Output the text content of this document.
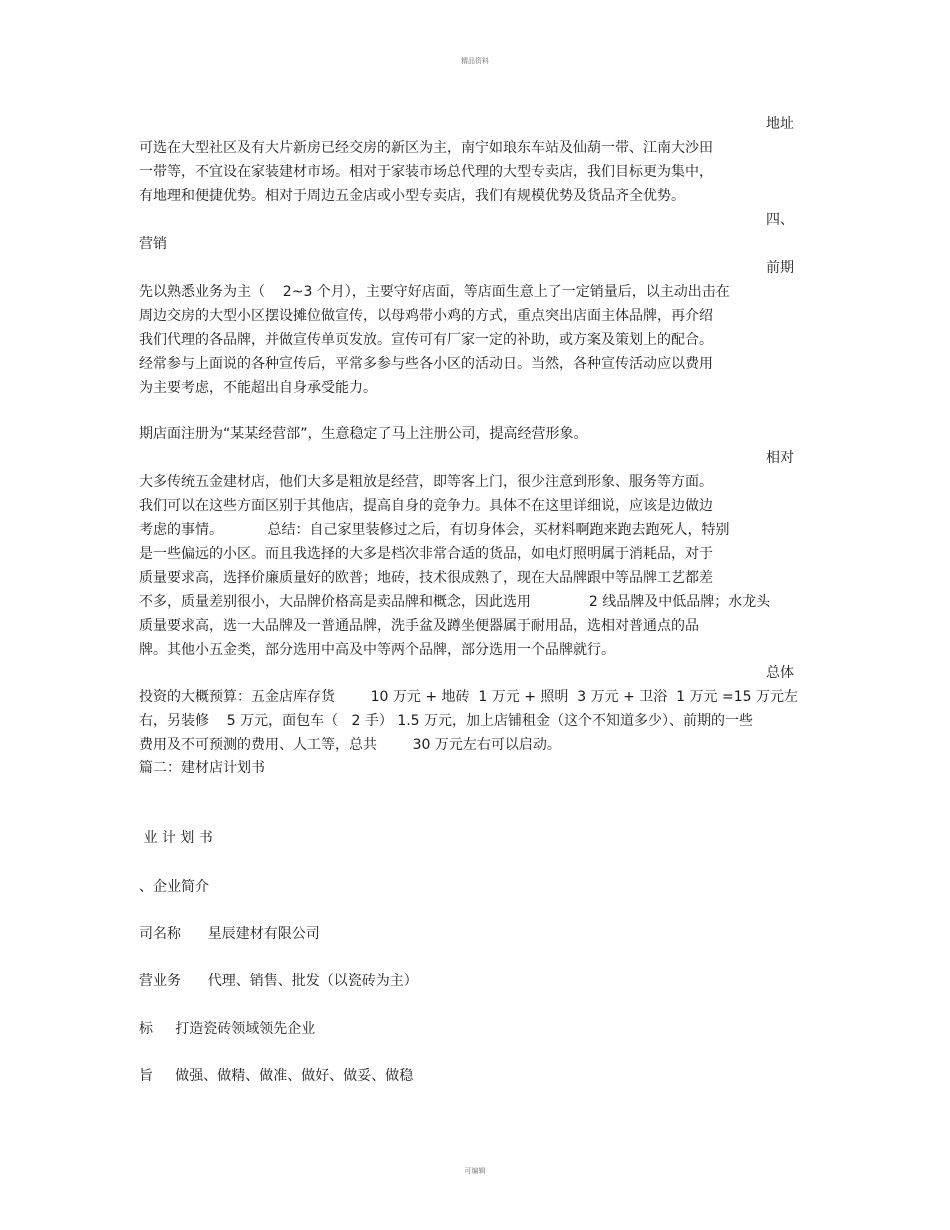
精品资料
地址
可选在大型社区及有大片新房已经交房的新区为主，南宁如琅东车站及仙葫一带、江南大沙田
一带等，不宜设在家装建材市场。相对于家装市场总代理的大型专卖店，我们目标更为集中，
有地理和便捷优势。相对于周边五金店或小型专卖店，我们有规模优势及货品齐全优势。
四、
营销
前期
先以熟悉业务为主（    2~3 个月），主要守好店面，等店面生意上了一定销量后，以主动出击在
周边交房的大型小区摆设摊位做宣传，以母鸡带小鸡的方式，重点突出店面主体品牌，再介绍
我们代理的各品牌，并做宣传单页发放。宣传可有厂家一定的补助，或方案及策划上的配合。
经常参与上面说的各种宣传后，平常多参与些各小区的活动日。当然，各种宣传活动应以费用
为主要考虑，不能超出自身承受能力。
期店面注册为“某某经营部”，生意稳定了马上注册公司，提高经营形象。
相对
大多传统五金建材店，他们大多是粗放是经营，即等客上门，很少注意到形象、服务等方面。
我们可以在这些方面区别于其他店，提高自身的竞争力。具体不在这里详细说，应该是边做边
考虑的事情。          总结：自己家里装修过之后，有切身体会，买材料啊跑来跑去跑死人，特别
是一些偏远的小区。而且我选择的大多是档次非常合适的货品，如电灯照明属于消耗品，对于
质量要求高，选择价廉质量好的欧普；地砖，技术很成熟了，现在大品牌跟中等品牌工艺都差
不多，质量差别很小，大品牌价格高是卖品牌和概念，因此选用             2 线品牌及中低品牌；水龙头
质量要求高，选一大品牌及一普通品牌，洗手盆及蹲坐便器属于耐用品，选相对普通点的品
牌。其他小五金类，部分选用中高及中等两个品牌，部分选用一个品牌就行。
总体
投资的大概预算：五金店库存货        10 万元 + 地砖  1 万元 + 照明  3 万元 + 卫浴  1 万元 =15 万元左
右，另装修    5 万元，面包车（   2 手） 1.5 万元，加上店铺租金（这个不知道多少）、前期的一些
费用及不可预测的费用、人工等，总共        30 万元左右可以启动。
篇二：建材店计划书
业 计 划 书
、企业简介
司名称      星辰建材有限公司
营业务      代理、销售、批发（以瓷砖为主）
标     打造瓷砖领域领先企业
旨     做强、做精、做准、做好、做妥、做稳
可编辑
